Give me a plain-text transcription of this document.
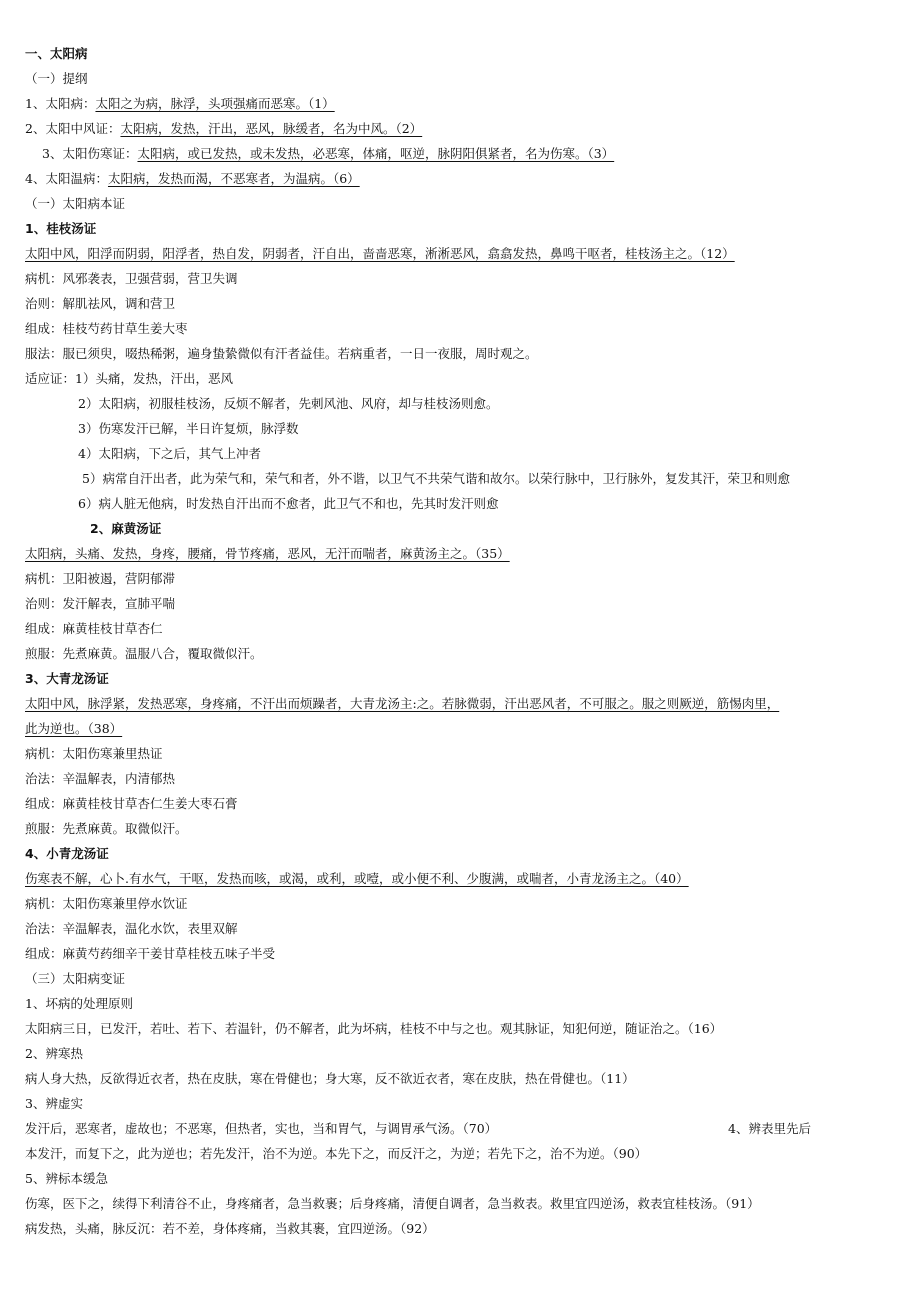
一、太阳病
（一）提纲
1、太阳病：太阳之为病，脉浮，头项强痛而恶寒。（1）
2、太阳中风证：太阳病，发热，汗出，恶风，脉缓者，名为中风。（2）
3、太阳伤寒证：太阳病，或已发热，或未发热，必恶寒，体痛，呕逆，脉阴阳俱紧者，名为伤寒。（3）
4、太阳温病：太阳病，发热而渴，不恶寒者，为温病。（6）
（一）太阳病本证
1、桂枝汤证
太阳中风，阳浮而阴弱，阳浮者，热自发，阴弱者，汗自出，啬啬恶寒，淅淅恶风，翕翕发热，鼻鸣干呕者，桂枝汤主之。（12）
病机：风邪袭表，卫强营弱，营卫失调
治则：解肌祛风，调和营卫
组成：桂枝芍药甘草生姜大枣
服法：服已须臾，啜热稀粥，遍身蛰絷微似有汗者益佳。若病重者，一日一夜服，周时观之。
适应证：1）头痛，发热，汗出，恶风
2）太阳病，初服桂枝汤，反烦不解者，先刺风池、风府，却与桂枝汤则愈。
3）伤寒发汗已解，半日许复烦，脉浮数
4）太阳病，下之后，其气上冲者
5）病常自汗出者，此为荣气和，荣气和者，外不谐，以卫气不共荣气谐和故尔。以荣行脉中，卫行脉外，复发其汗，荣卫和则愈
6）病人脏无他病，时发热自汗出而不愈者，此卫气不和也，先其时发汗则愈
2、麻黄汤证
太阳病，头痛、发热，身疼，腰痛，骨节疼痛，恶风，无汗而喘者，麻黄汤主之。（35）
病机：卫阳被遏，营阴郁滞
治则：发汗解表，宣肺平喘
组成：麻黄桂枝甘草杏仁
煎服：先煮麻黄。温服八合，覆取微似汗。
3、大青龙汤证
太阳中风，脉浮紧，发热恶寒，身疼痛，不汗出而烦躁者，大青龙汤主:之。若脉微弱，汗出恶风者，不可服之。服之则厥逆，筋惕肉里，
此为逆也。（38）
病机：太阳伤寒兼里热证
治法：辛温解表，内清郁热
组成：麻黄桂枝甘草杏仁生姜大枣石膏
煎服：先煮麻黄。取微似汗。
4、小青龙汤证
伤寒表不解，心卜.有水气，干呕，发热而咳，或渴，或利，或噎，或小便不利、少腹满，或喘者，小青龙汤主之。（40）
病机：太阳伤寒兼里停水饮证
治法：辛温解表，温化水饮，表里双解
组成：麻黄芍药细辛干姜甘草桂枝五味子半受
（三）太阳病变证
1、坏病的处理原则
太阳病三日，已发汗，若吐、若下、若温针，仍不解者，此为坏病，桂枝不中与之也。观其脉证，知犯何逆，随证治之。（16）
2、辨寒热
病人身大热，反欲得近衣者，热在皮肤，寒在骨健也；身大寒，反不欲近衣者，寒在皮肤，热在骨健也。（11）
3、辨虚实
发汗后，恶寒者，虚故也；不恶寒，但热者，实也，当和胃气，与调胃承气汤。（70）	4、辨表里先后
本发汗，而复下之，此为逆也；若先发汗，治不为逆。本先下之，而反汗之，为逆；若先下之，治不为逆。（90）
5、辨标本缓急
伤寒，医下之，续得下利清谷不止，身疼痛者，急当救裹；后身疼痛，清便自调者，急当救表。救里宜四逆汤，救表宜桂枝汤。（91）
病发热，头痛，脉反沉：若不差，身体疼痛，当救其裹，宜四逆汤。（92）
